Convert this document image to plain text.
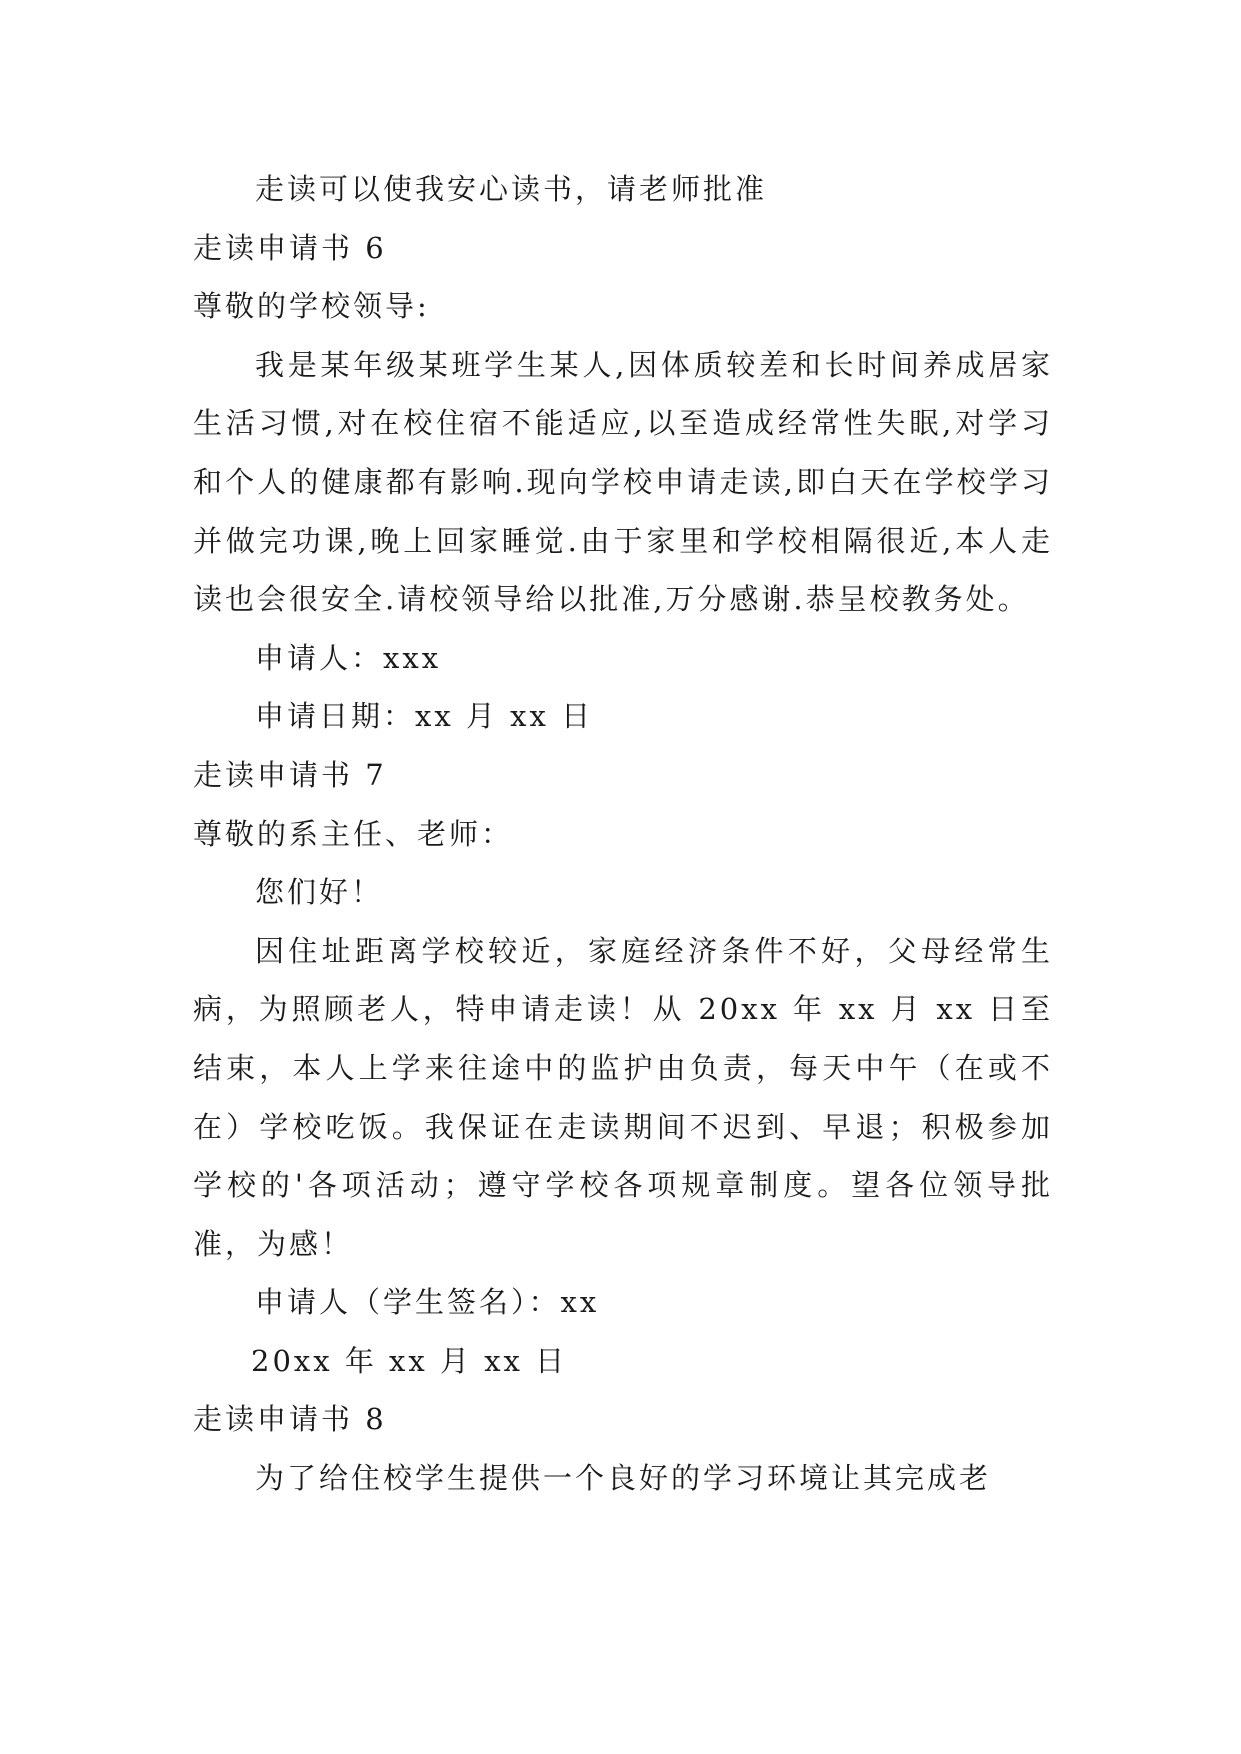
走读可以使我安心读书，请老师批准

走读申请书 6

尊敬的学校领导:

我是某年级某班学生某人,因体质较差和长时间养成居家生活习惯,对在校住宿不能适应,以至造成经常性失眠,对学习和个人的健康都有影响.现向学校申请走读,即白天在学校学习并做完功课,晚上回家睡觉.由于家里和学校相隔很近,本人走读也会很安全.请校领导给以批准,万分感谢.恭呈校教务处。

申请人：xxx

申请日期：xx 月 xx 日

走读申请书 7

尊敬的系主任、老师：

您们好！

因住址距离学校较近，家庭经济条件不好，父母经常生病，为照顾老人，特申请走读！从 20xx 年 xx 月 xx 日至结束，本人上学来往途中的监护由负责，每天中午（在或不在）学校吃饭。我保证在走读期间不迟到、早退；积极参加学校的'各项活动；遵守学校各项规章制度。望各位领导批准，为感！

申请人（学生签名）：xx

20xx 年 xx 月 xx 日

走读申请书 8

为了给住校学生提供一个良好的学习环境让其完成老
